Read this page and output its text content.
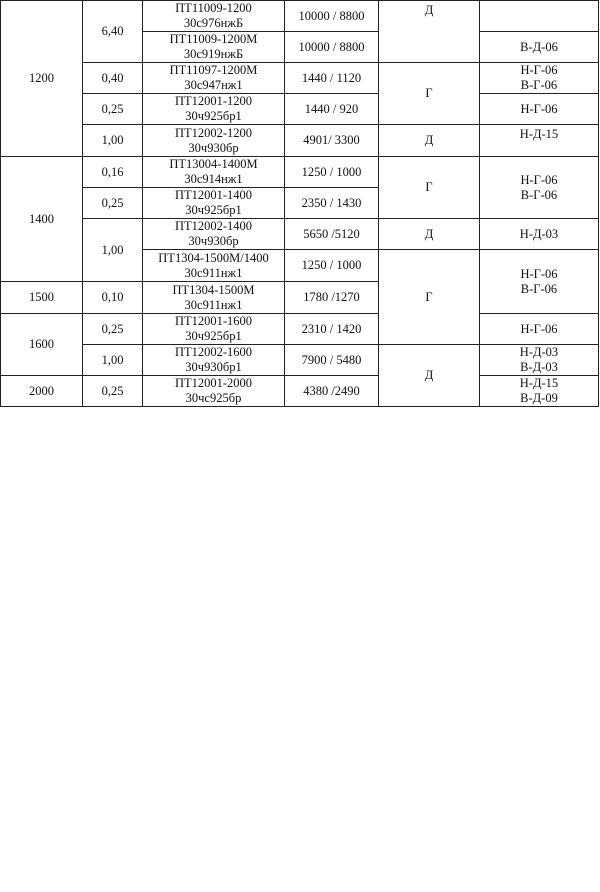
1200	6,40	ПТ11009-1200
30с976нжБ	10000 / 8800	Д	

		ПТ11009-1200М
30с919нжБ	10000 / 8800		В-Д-06

	0,40	ПТ11097-1200М
30с947нж1	1440 / 1120	Г	Н-Г-06
В-Г-06

	0,25	ПТ12001-1200
30ч925бр1	1440 / 920		Н-Г-06

	1,00	ПТ12002-1200
30ч930бр	4901/ 3300	Д	Н-Д-15

1400	0,16	ПТ13004-1400М
30с914нж1	1250 / 1000	Г	Н-Г-06
В-Г-06

	0,25	ПТ12001-1400
30ч925бр1	2350 / 1430		
	1,00	ПТ12002-1400
30ч930бр	5650 /5120	Д	Н-Д-03

		ПТ1304-1500М/1400
30с911нж1	1250 / 1000	Г	Н-Г-06
В-Г-06

1500	0,10	ПТ1304-1500М
30с911нж1	1780 /1270		
1600	0,25	ПТ12001-1600
30ч925бр1	2310 / 1420		Н-Г-06

	1,00	ПТ12002-1600
30ч930бр1	7900 / 5480	Д	Н-Д-03
В-Д-03

2000	0,25	ПТ12001-2000
30чс925бр	4380 /2490		Н-Д-15
В-Д-09
